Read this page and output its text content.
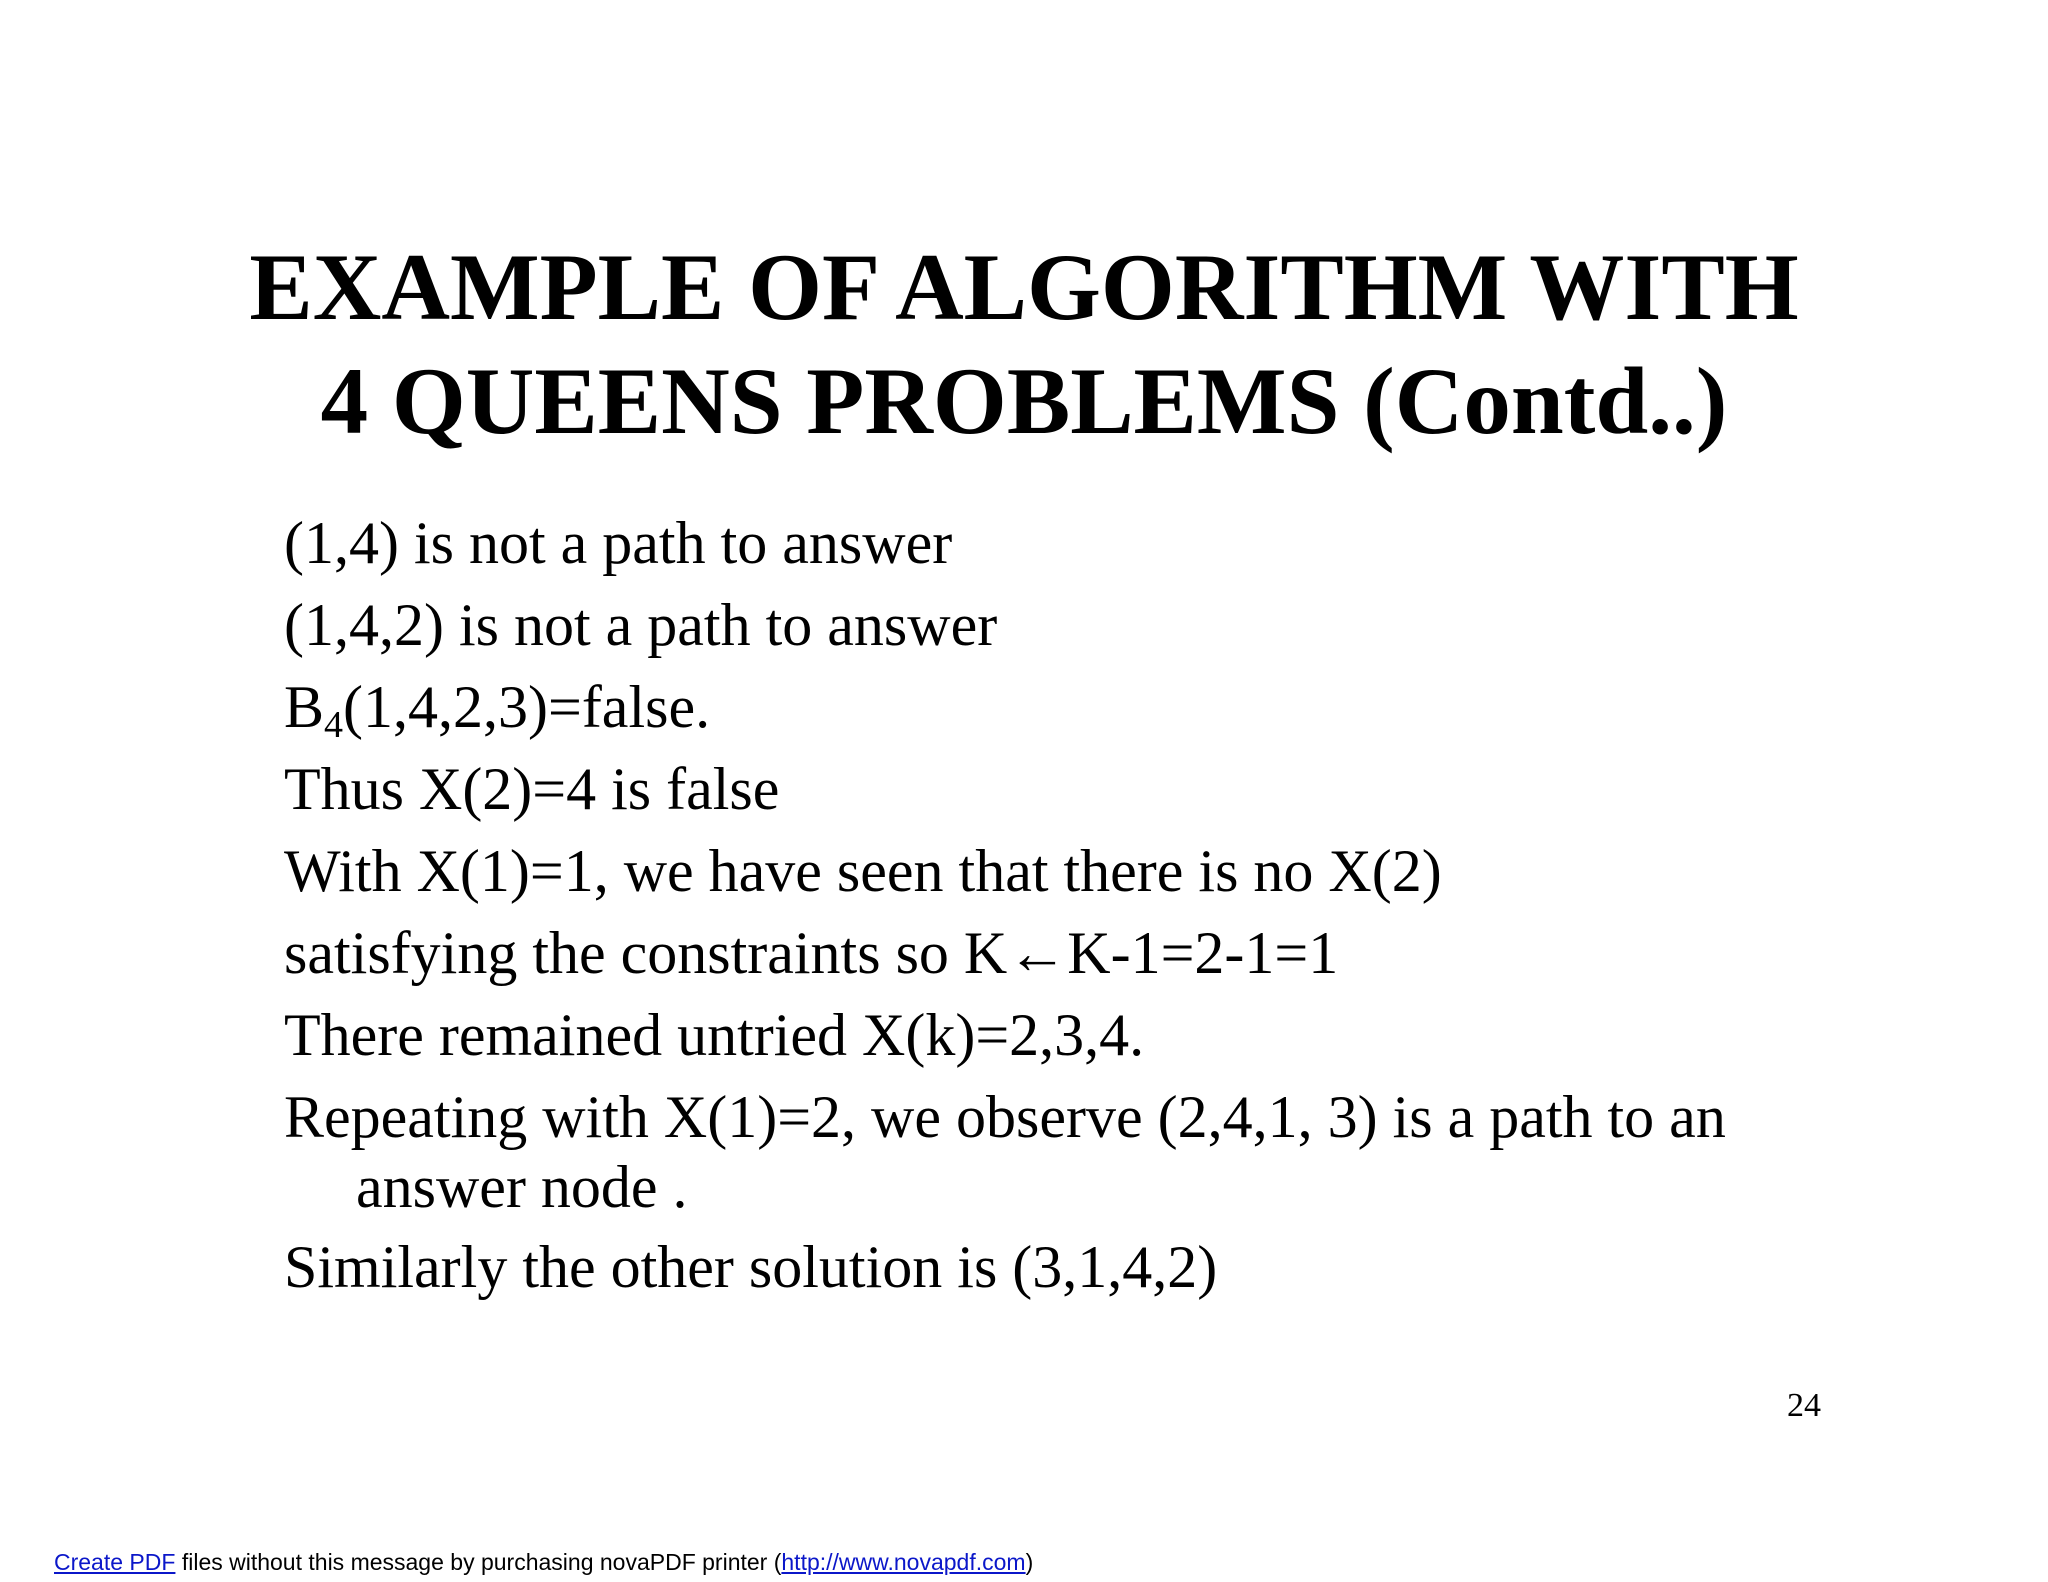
EXAMPLE OF ALGORITHM WITH
4 QUEENS PROBLEMS (Contd..)
(1,4) is not a path to answer
(1,4,2) is not a path to answer
$B_4(1,4,2,3)=false$.
Thus X(2)=4 is false
With X(1)=1, we have seen that there is no X(2)
satisfying the constraints so K←K-1=2-1=1
There remained untried X(k)=2,3,4.
Repeating with X(1)=2, we observe (2,4,1, 3) is a path to an
answer node .
Similarly the other solution is (3,1,4,2)
24
Create PDF files without this message by purchasing novaPDF printer (http://www.novapdf.com)
